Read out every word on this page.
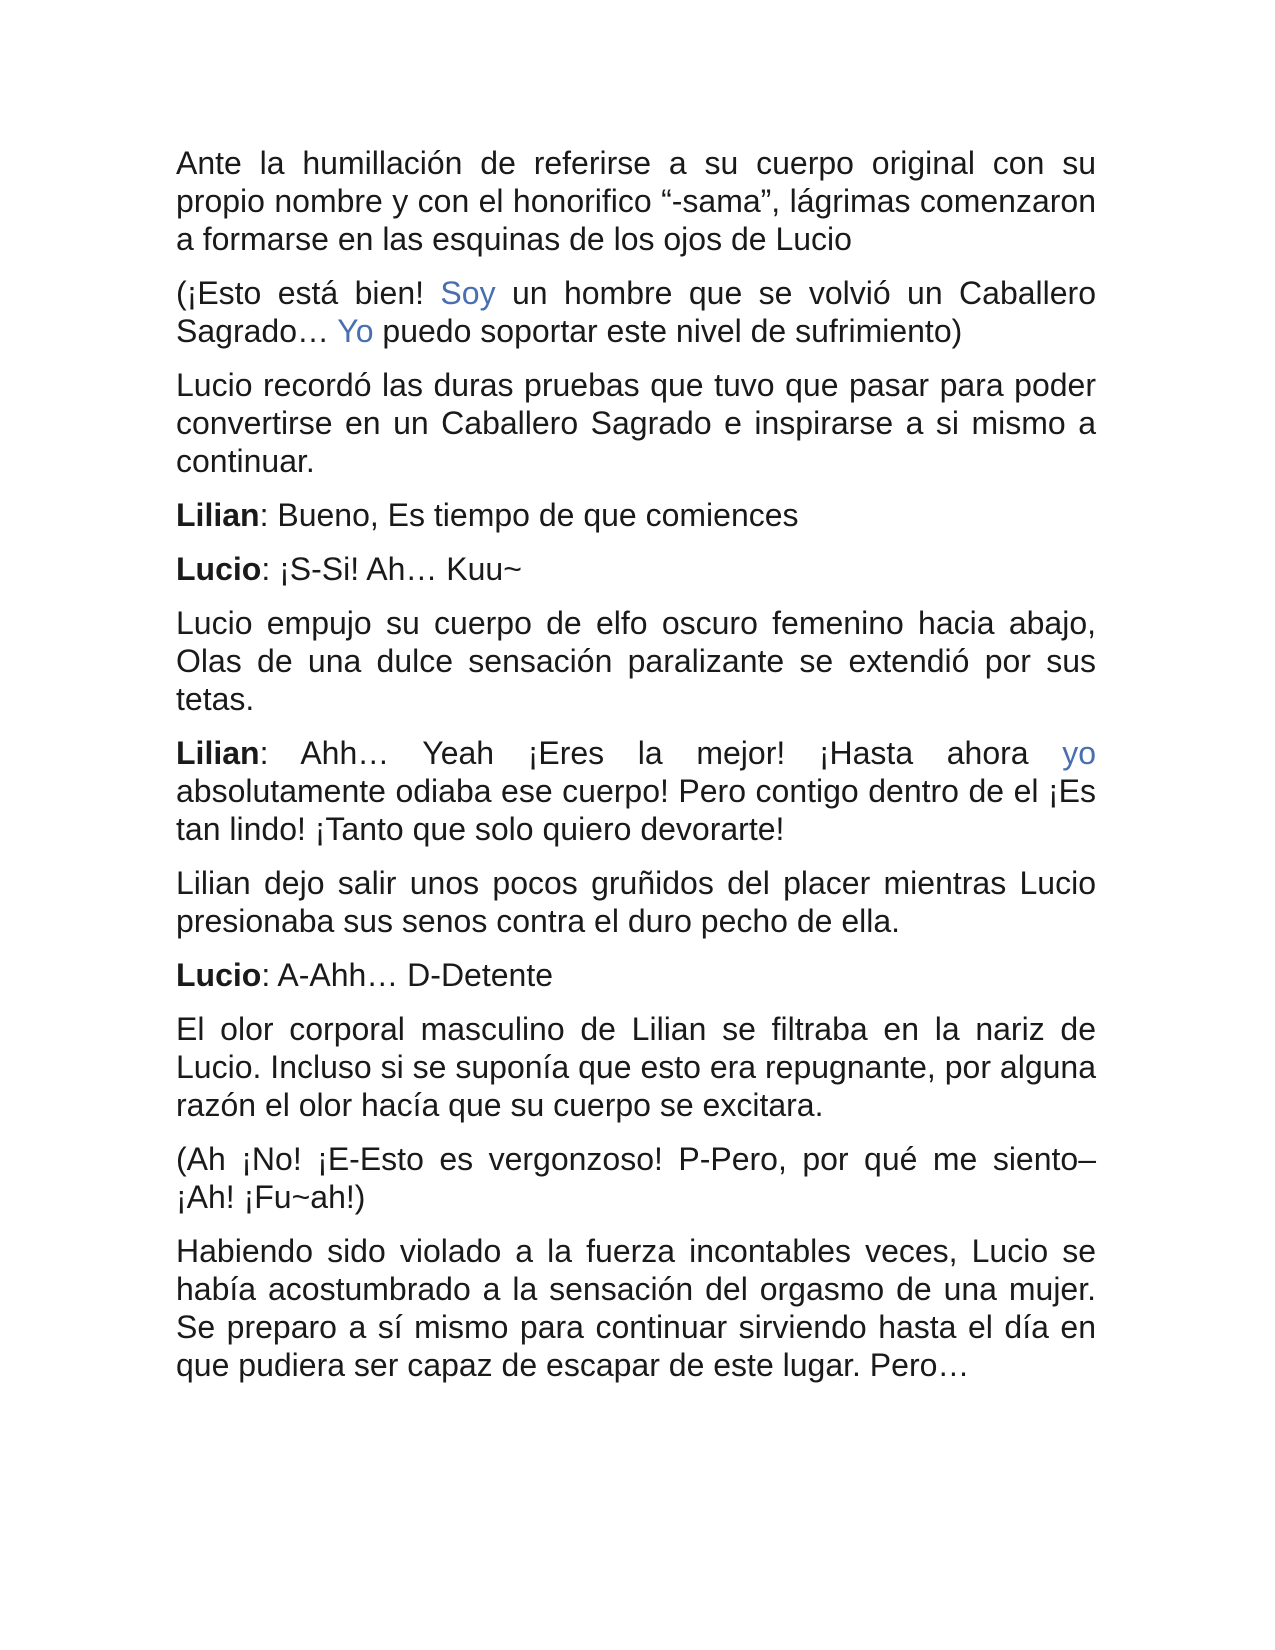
Ante la humillación de referirse a su cuerpo original con su propio nombre y con el honorifico “-sama”, lágrimas comenzaron a formarse en las esquinas de los ojos de Lucio

(¡Esto está bien! Soy un hombre que se volvió un Caballero Sagrado… Yo puedo soportar este nivel de sufrimiento)

Lucio recordó las duras pruebas que tuvo que pasar para poder convertirse en un Caballero Sagrado e inspirarse a si mismo a continuar.

Lilian: Bueno, Es tiempo de que comiences

Lucio: ¡S-Si! Ah… Kuu~

Lucio empujo su cuerpo de elfo oscuro femenino hacia abajo, Olas de una dulce sensación paralizante se extendió por sus tetas.

Lilian: Ahh… Yeah ¡Eres la mejor! ¡Hasta ahora yo absolutamente odiaba ese cuerpo! Pero contigo dentro de el ¡Es tan lindo! ¡Tanto que solo quiero devorarte!

Lilian dejo salir unos pocos gruñidos del placer mientras Lucio presionaba sus senos contra el duro pecho de ella.

Lucio: A-Ahh… D-Detente

El olor corporal masculino de Lilian se filtraba en la nariz de Lucio. Incluso si se suponía que esto era repugnante, por alguna razón el olor hacía que su cuerpo se excitara.

(Ah ¡No! ¡E-Esto es vergonzoso! P-Pero, por qué me siento– ¡Ah! ¡Fu~ah!)

Habiendo sido violado a la fuerza incontables veces, Lucio se había acostumbrado a la sensación del orgasmo de una mujer. Se preparo a sí mismo para continuar sirviendo hasta el día en que pudiera ser capaz de escapar de este lugar. Pero…
